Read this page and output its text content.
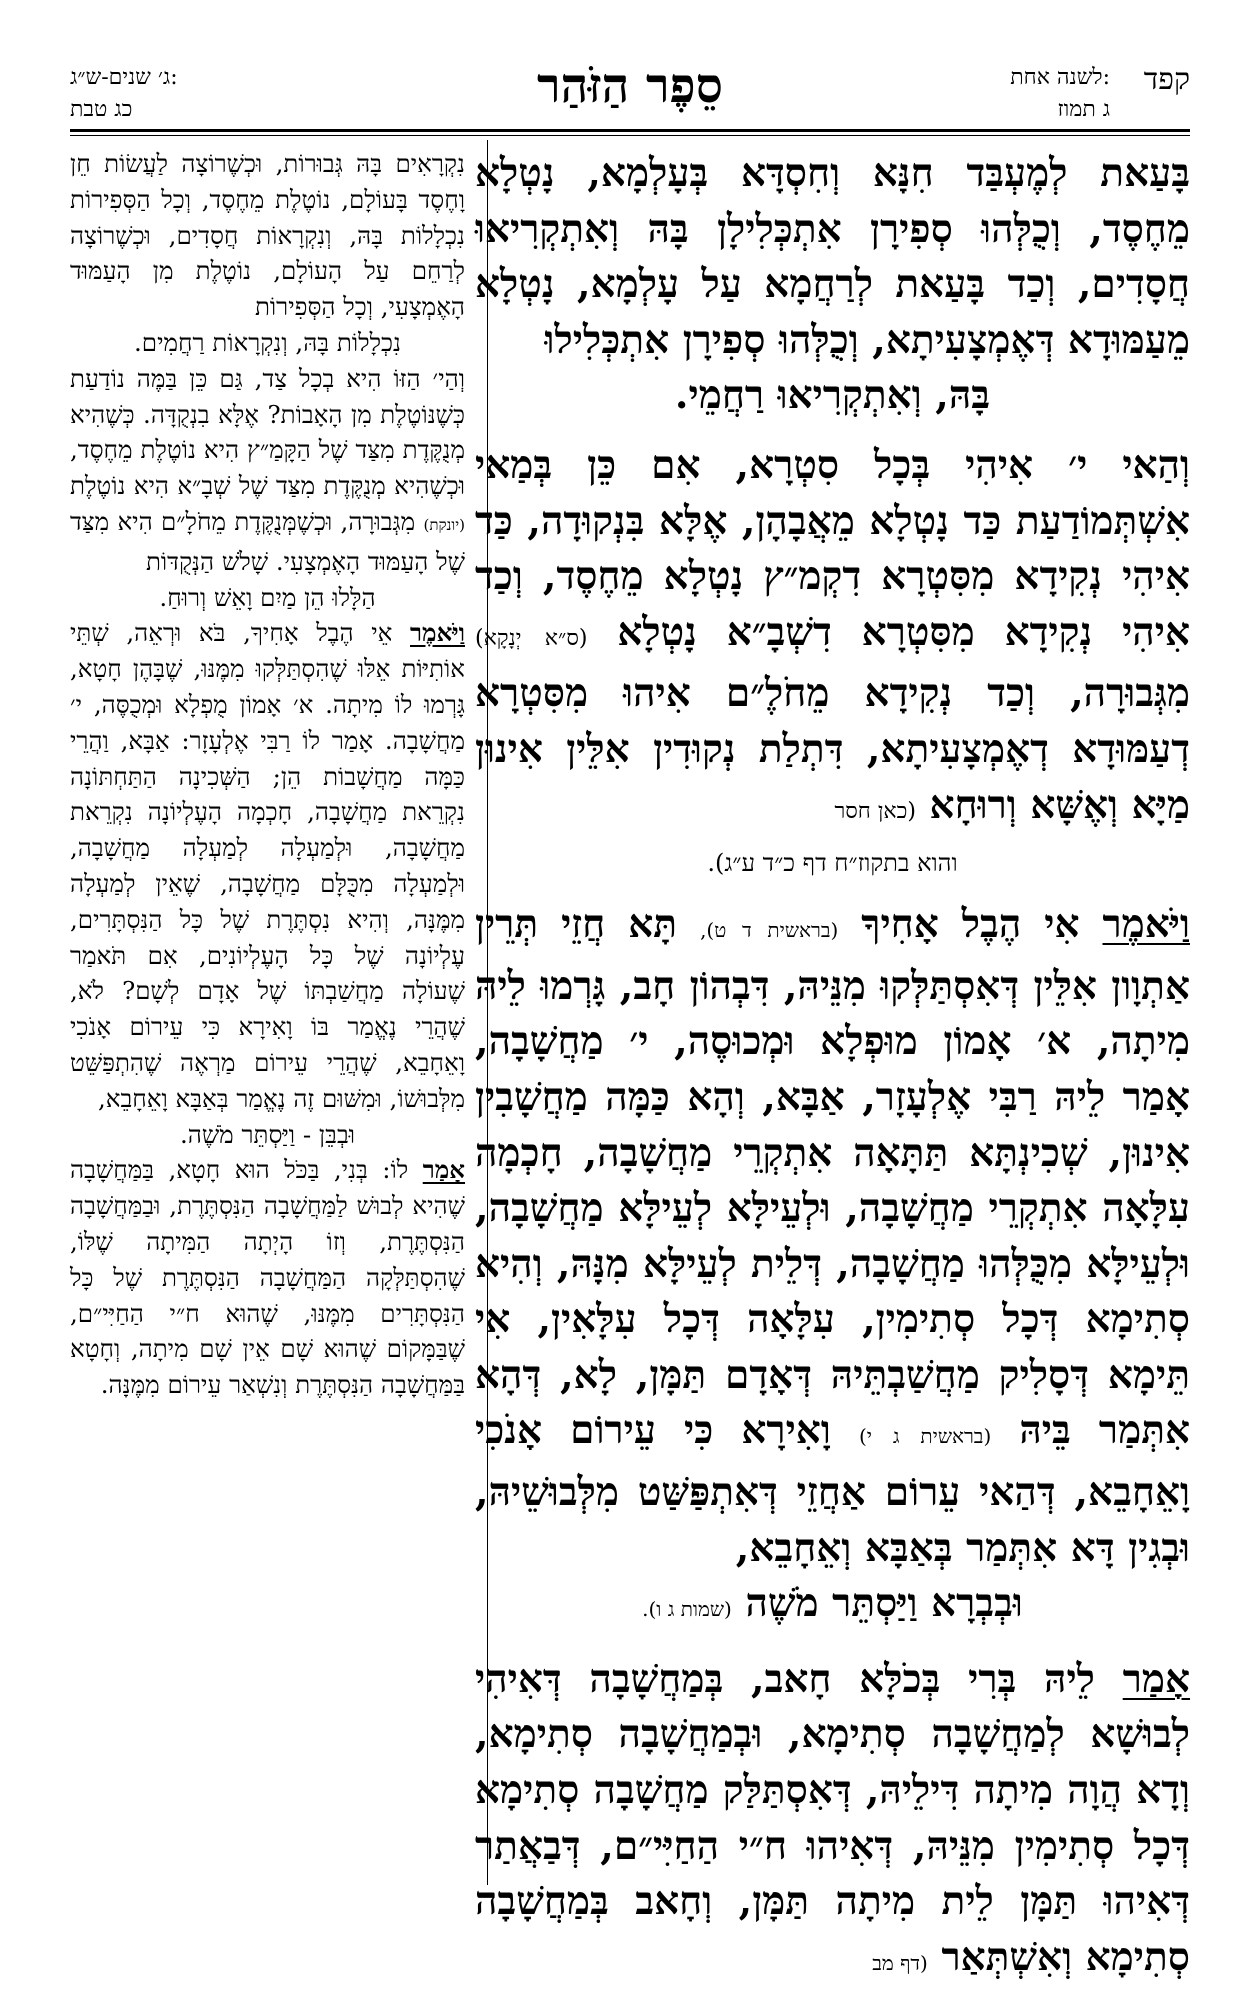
קפד
לשנה אחת:
ג תמוז
סֵפֶר הַזֹּהַר
ג׳ שנים-ש״ג:
כג טבת

בָּעַאת לְמֶעְבַּד חִנָּא וְחִסְדָּא בְּעָלְמָא, נָטְלָא מֵחֶסֶד, וְכֻלְּהוּ סְפִירָן אִתְכְּלִילָן בָּהּ וְאִתְקְרִיאוּ חֲסָדִים, וְכַד בָּעַאת לְרַחֲמָא עַל עָלְמָא, נָטְלָא מֵעַמּוּדָא דְּאֶמְצָעִיתָא, וְכֻלְּהוּ סְפִירָן אִתְכְּלִילוּ

בָּהּ, וְאִתְקְרִיאוּ רַחֲמֵי.

וְהַאי י׳ אִיהִי בְּכָל סִטְרָא, אִם כֵּן בְּמַאי אִשְׁתְּמוֹדַעַת כַּד נָטְלָא מֵאֲבָהָן, אֶלָּא בִּנְקוּדָה, כַּד אִיהִי נְקִידָא מִסִּטְרָא דִקְמ״ץ נָטְלָא מֵחֶסֶד, וְכַד אִיהִי נְקִידָא מִסִּטְרָא דִשְׁבָ״א נָטְלָא (ס״א יְנָקָא) מִגְּבוּרָה, וְכַד נְקִידָא מֵחֹלֶ״ם אִיהוּ מִסִּטְרָא דְעַמּוּדָא דְאֶמְצָעִיתָא, דִּתְלַת נְקוּדִין אִלֵּין אִינוּן מַיָּא וְאֶשָּׁא וְרוּחָא (כאן חסר

והוא בתקוז״ח דף כ״ד ע״ג).

וַיֹּאמֶר אִי הֶבֶל אָחִיךָ (בראשית ד ט), תָּא חֲזֵי תְּרֵין אַתְוָון אִלֵּין דְּאִסְתַּלְּקוּ מִנֵּיהּ, דִּבְהוֹן חָב, גָּרְמוּ לֵיהּ מִיתָה, א׳ אָמוֹן מוּפְלָא וּמְכוּסֶה, י׳ מַחֲשָׁבָה, אָמַר לֵיהּ רַבִּי אֶלְעָזָר, אַבָּא, וְהָא כַּמָּה מַחֲשָׁבִין אִינוּן, שְׁכִינְתָּא תַּתָּאָה אִתְקְרֵי מַחֲשָׁבָה, חָכְמָה עִלָּאָה אִתְקְרֵי מַחֲשָׁבָה, וּלְעֵילָּא לְעֵילָּא מַחֲשָׁבָה, וּלְעֵילָּא מִכֻּלְּהוּ מַחֲשָׁבָה, דְּלֵית לְעֵילָּא מִנָּהּ, וְהִיא סְתִימָא דְּכָל סְתִימִין, עִלָּאָה דְּכָל עִלָּאִין, אִי תֵּימָא דְּסָלִיק מַחֲשַׁבְתֵּיהּ דְּאָדָם תַּמָּן, לָא, דְּהָא אִתְּמַר בֵּיהּ (בראשית ג י) וָאִירָא כִּי עֵירוֹם אָנֹכִי וָאֵחָבֵא, דְּהַאי עֵרוֹם אַחֲזֵי דְּאִתְפַּשַּׁט מִלְּבוּשֵׁיהּ, וּבְגִין דָּא אִתְּמַר בְּאַבָּא וְאֵחָבֵא,

וּבְבְרָא וַיַּסְתֵּר מֹשֶׁה (שמות ג ו).

אָמַר לֵיהּ בְּרִי בְּכֹלָּא חָאב, בְּמַחֲשָׁבָה דְּאִיהִי לְבוּשָׁא לְמַחֲשָׁבָה סְתִימָא, וּבְמַחֲשָׁבָה סְתִימָא, וְדָא הֲוָה מִיתָה דִּילֵיהּ, דְּאִסְתַּלַּק מַחֲשָׁבָה סְתִימָא דְּכָל סְתִימִין מִנֵּיהּ, דְּאִיהוּ ח״י הַחַיִּי״ם, דְּבַאֲתַר דְּאִיהוּ תַּמָּן לֵית מִיתָה תַּמָּן, וְחָאב בְּמַחֲשָׁבָה סְתִימָא וְאִשְׁתְּאַר (דף מב

נִקְרָאִים בָּהּ גְּבוּרוֹת, וּכְשֶׁרוֹצָה לַעֲשׂוֹת חֵן וָחֶסֶד בָּעוֹלָם, נוֹטֶלֶת מֵחֶסֶד, וְכָל הַסְּפִירוֹת נִכְלָלוֹת בָּהּ, וְנִקְרָאוֹת חֲסָדִים, וּכְשֶׁרוֹצָה לְרַחֵם עַל הָעוֹלָם, נוֹטֶלֶת מִן הָעַמּוּד הָאֶמְצָעִי, וְכָל הַסְּפִירוֹת

נִכְלָלוֹת בָּהּ, וְנִקְרָאוֹת רַחֲמִים.

וְהַי׳ הַזּוֹ הִיא בְכָל צַד, גַּם כֵּן בַּמֶּה נוֹדַעַת כְּשֶׁנּוֹטֶלֶת מִן הָאָבוֹת? אֶלָּא בִנְקֻדָּה. כְּשֶׁהִיא מְנֻקֶּדֶת מִצַּד שֶׁל הַקָּמַ״ץ הִיא נוֹטֶלֶת מֵחֶסֶד, וּכְשֶׁהִיא מְנֻקֶּדֶת מִצַּד שֶׁל שְׁבָ״א הִיא נוֹטֶלֶת (יונקת) מִגְּבוּרָה, וּכְשֶׁמְּנֻקֶּדֶת מֵחֹלָ״ם הִיא מִצַּד שֶׁל הָעַמּוּד הָאֶמְצָעִי. שָׁלֹשׁ הַנְּקֻדּוֹת

הַלָּלוּ הֵן מַיִם וָאֵשׁ וְרוּחַ.

וַיֹּאמֶר אֵי הֶבֶל אָחִיךָ, בֹּא וּרְאֵה, שְׁתֵּי אוֹתִיּוֹת אֵלּוּ שֶׁהִסְתַּלְּקוּ מִמֶּנּוּ, שֶׁבָּהֶן חָטָא, גָּרְמוּ לוֹ מִיתָה. א׳ אָמוֹן מֻפְלָא וּמְכֻסֶּה, י׳ מַחֲשָׁבָה. אָמַר לוֹ רַבִּי אֶלְעָזָר: אַבָּא, וַהֲרֵי כַּמָּה מַחֲשָׁבוֹת הֵן; הַשְּׁכִינָה הַתַּחְתּוֹנָה נִקְרֵאת מַחֲשָׁבָה, חָכְמָה הָעֶלְיוֹנָה נִקְרֵאת מַחֲשָׁבָה, וּלְמַעְלָה לְמַעְלָה מַחֲשָׁבָה, וּלְמַעְלָה מִכֻּלָּם מַחֲשָׁבָה, שֶׁאֵין לְמַעְלָה מִמֶּנָּה, וְהִיא נִסְתֶּרֶת שֶׁל כָּל הַנִּסְתָּרִים, עֶלְיוֹנָה שֶׁל כָּל הָעֶלְיוֹנִים, אִם תֹּאמַר שֶׁעוֹלָה מַחֲשַׁבְתּוֹ שֶׁל אָדָם לְשָׁם? לֹא, שֶׁהֲרֵי נֶאֱמַר בּוֹ וָאִירָא כִּי עֵירוֹם אָנֹכִי וָאֵחָבֵא, שֶׁהֲרֵי עֵירוֹם מַרְאֶה שֶׁהִתְפַּשֵּׁט מִלְּבוּשׁוֹ, וּמִשּׁוּם זֶה נֶאֱמַר בְּאַבָּא וָאֵחָבֵא,

וּבְבֵּן - וַיַּסְתֵּר מֹשֶׁה.

אָמַר לוֹ: בְּנִי, בַּכֹּל הוּא חָטָא, בַּמַּחֲשָׁבָה שֶׁהִיא לְבוּשׁ לַמַּחֲשָׁבָה הַנִּסְתֶּרֶת, וּבַמַּחֲשָׁבָה הַנִּסְתֶּרֶת, וְזוֹ הָיְתָה הַמִּיתָה שֶׁלּוֹ, שֶׁהִסְתַּלְּקָה הַמַּחֲשָׁבָה הַנִּסְתֶּרֶת שֶׁל כָּל הַנִּסְתָּרִים מִמֶּנּוּ, שֶׁהוּא ח״י הַחַיִּי״ם, שֶׁבַּמָּקוֹם שֶׁהוּא שָׁם אֵין שָׁם מִיתָה, וְחָטָא בַּמַּחֲשָׁבָה הַנִּסְתֶּרֶת וְנִשְׁאַר עֵירוֹם מִמֶּנָּה.
